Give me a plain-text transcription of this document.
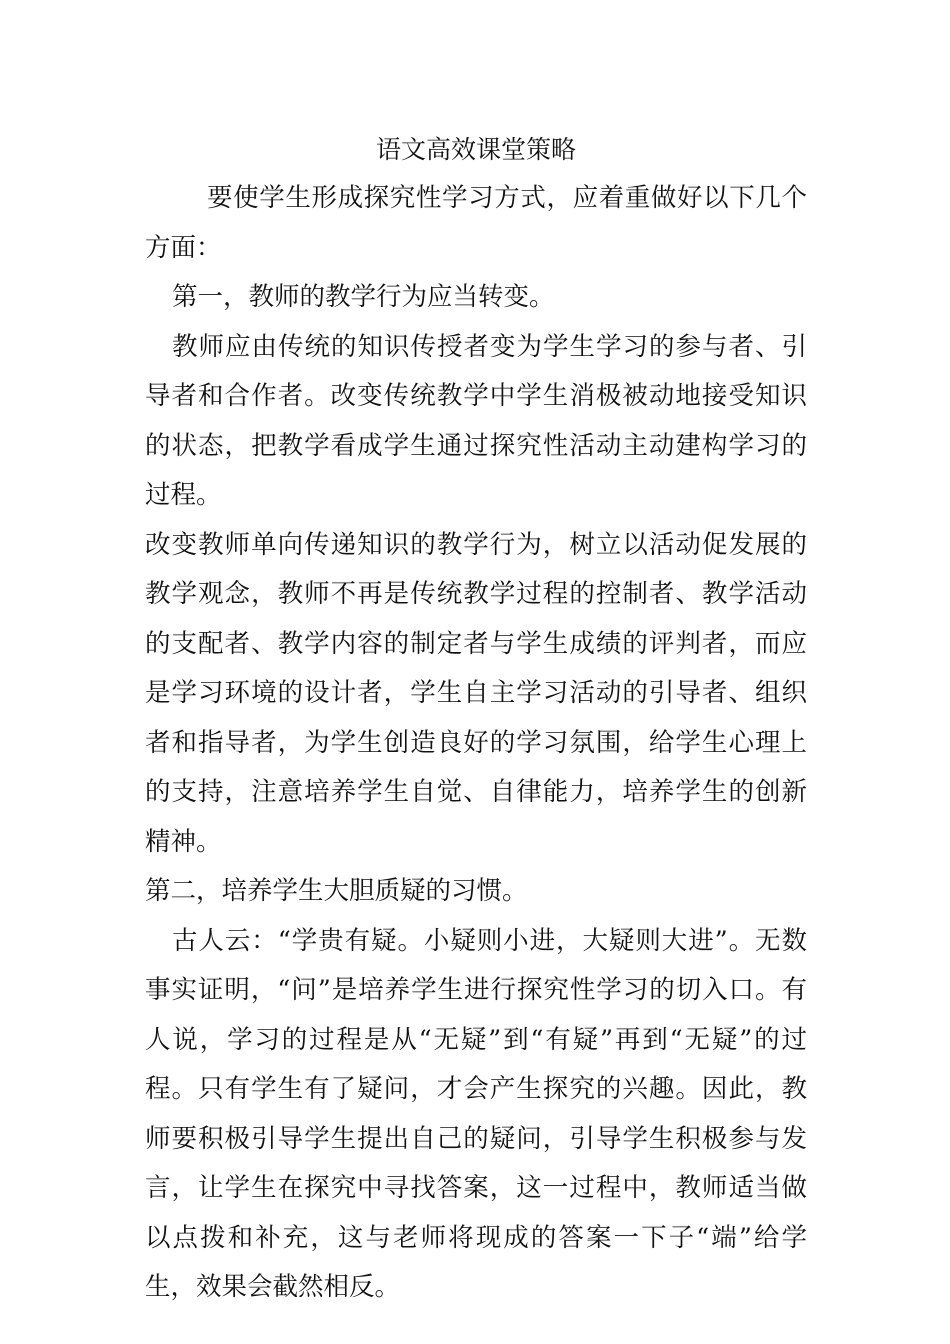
语文高效课堂策略

要使学生形成探究性学习方式，应着重做好以下几个方面：

第一，教师的教学行为应当转变。

教师应由传统的知识传授者变为学生学习的参与者、引导者和合作者。改变传统教学中学生消极被动地接受知识的状态，把教学看成学生通过探究性活动主动建构学习的过程。

改变教师单向传递知识的教学行为，树立以活动促发展的教学观念，教师不再是传统教学过程的控制者、教学活动的支配者、教学内容的制定者与学生成绩的评判者，而应是学习环境的设计者，学生自主学习活动的引导者、组织者和指导者，为学生创造良好的学习氛围，给学生心理上的支持，注意培养学生自觉、自律能力，培养学生的创新精神。

第二，培养学生大胆质疑的习惯。

古人云：“学贵有疑。小疑则小进，大疑则大进”。无数事实证明，“问”是培养学生进行探究性学习的切入口。有人说，学习的过程是从“无疑”到“有疑”再到“无疑”的过程。只有学生有了疑问，才会产生探究的兴趣。因此，教师要积极引导学生提出自己的疑问，引导学生积极参与发言，让学生在探究中寻找答案，这一过程中，教师适当做以点拨和补充，这与老师将现成的答案一下子“端”给学生，效果会截然相反。
